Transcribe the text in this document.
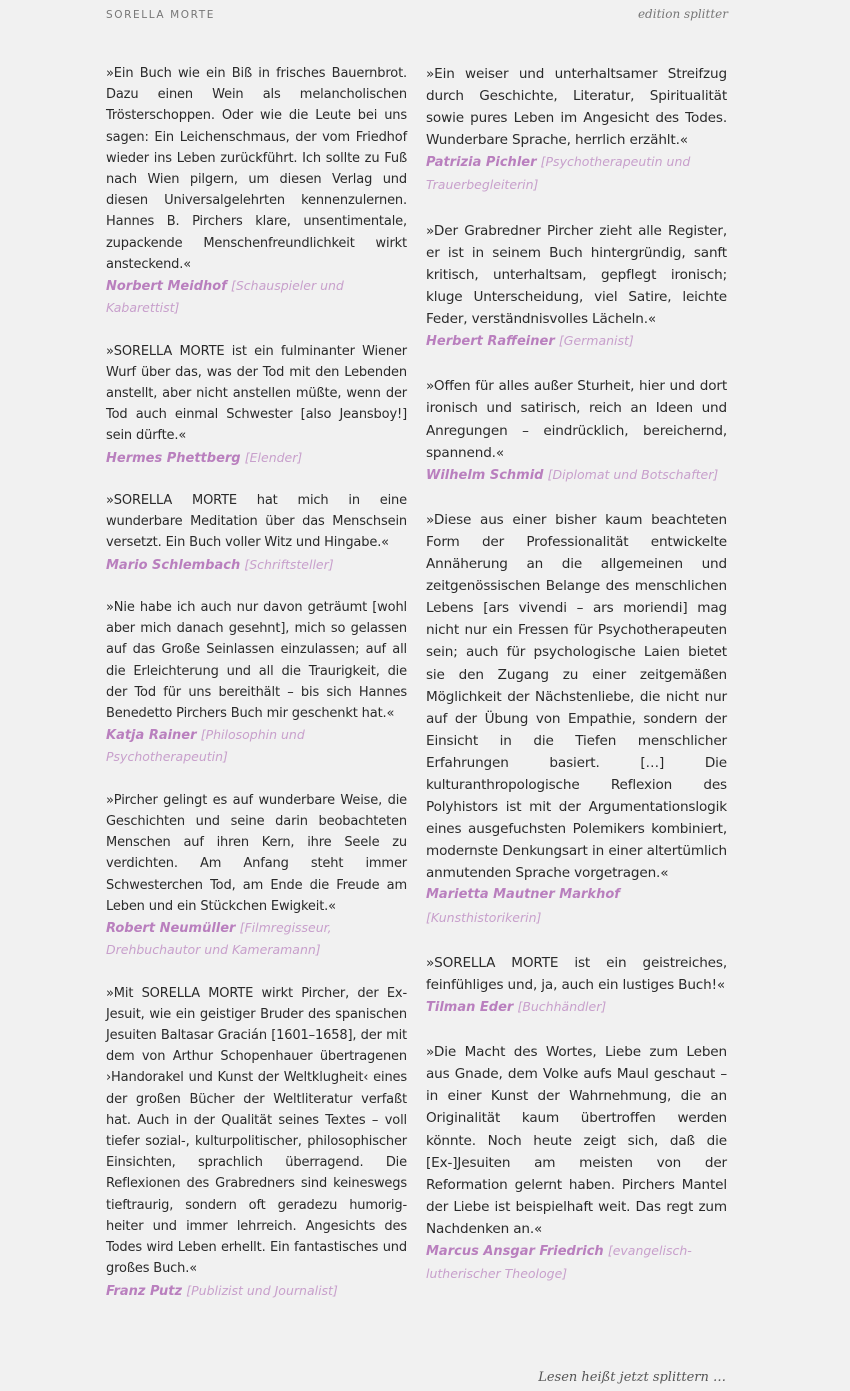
SORELLA MORTE	edition splitter
»Ein Buch wie ein Biß in frisches Bauernbrot. Dazu einen Wein als melancholischen Trösterschoppen. Oder wie die Leute bei uns sagen: Ein Leichenschmaus, der vom Friedhof wieder ins Leben zurückführt. Ich sollte zu Fuß nach Wien pilgern, um diesen Verlag und diesen Universalgelehrten kennenzulernen. Hannes B. Pirchers klare, unsentimentale, zupackende Menschenfreundlichkeit wirkt ansteckend.«
Norbert Meidhof [Schauspieler und Kabarettist]
»SORELLA MORTE ist ein fulminanter Wiener Wurf über das, was der Tod mit den Lebenden anstellt, aber nicht anstellen müßte, wenn der Tod auch einmal Schwester [also Jeansboy!] sein dürfte.«
Hermes Phettberg [Elender]
»SORELLA MORTE hat mich in eine wunderbare Meditation über das Menschsein versetzt. Ein Buch voller Witz und Hingabe.«
Mario Schlembach [Schriftsteller]
»Nie habe ich auch nur davon geträumt [wohl aber mich danach gesehnt], mich so gelassen auf das Große Seinlassen einzulassen; auf all die Erleichterung und all die Traurigkeit, die der Tod für uns bereithält – bis sich Hannes Benedetto Pirchers Buch mir geschenkt hat.«
Katja Rainer [Philosophin und Psychotherapeutin]
»Pircher gelingt es auf wunderbare Weise, die Geschichten und seine darin beobachteten Menschen auf ihren Kern, ihre Seele zu verdichten. Am Anfang steht immer Schwesterchen Tod, am Ende die Freude am Leben und ein Stückchen Ewigkeit.«
Robert Neumüller [Filmregisseur, Drehbuchautor und Kameramann]
»Mit SORELLA MORTE wirkt Pircher, der Ex-Jesuit, wie ein geistiger Bruder des spanischen Jesuiten Baltasar Gracián [1601–1658], der mit dem von Arthur Schopenhauer übertragenen ›Handorakel und Kunst der Weltklugheit‹ eines der großen Bücher der Weltliteratur verfaßt hat. Auch in der Qualität seines Textes – voll tiefer sozial-, kulturpolitischer, philosophischer Einsichten, sprachlich überragend. Die Reflexionen des Grabredners sind keineswegs tieftraurig, sondern oft geradezu humorig-heiter und immer lehrreich. Angesichts des Todes wird Leben erhellt. Ein fantastisches und großes Buch.«
Franz Putz [Publizist und Journalist]
»Ein weiser und unterhaltsamer Streifzug durch Geschichte, Literatur, Spiritualität sowie pures Leben im Angesicht des Todes. Wunderbare Sprache, herrlich erzählt.«
Patrizia Pichler [Psychotherapeutin und Trauerbegleiterin]
»Der Grabredner Pircher zieht alle Register, er ist in seinem Buch hintergründig, sanft kritisch, unterhaltsam, gepflegt ironisch; kluge Unterscheidung, viel Satire, leichte Feder, verständnisvolles Lächeln.«
Herbert Raffeiner [Germanist]
»Offen für alles außer Sturheit, hier und dort ironisch und satirisch, reich an Ideen und Anregungen – eindrücklich, bereichernd, spannend.«
Wilhelm Schmid [Diplomat und Botschafter]
»Diese aus einer bisher kaum beachteten Form der Professionalität entwickelte Annäherung an die allgemeinen und zeitgenössischen Belange des menschlichen Lebens [ars vivendi – ars moriendi] mag nicht nur ein Fressen für Psychotherapeuten sein; auch für psychologische Laien bietet sie den Zugang zu einer zeitgemäßen Möglichkeit der Nächstenliebe, die nicht nur auf der Übung von Empathie, sondern der Einsicht in die Tiefen menschlicher Erfahrungen basiert. […] Die kulturanthropologische Reflexion des Polyhistors ist mit der Argumentationslogik eines ausgefuchsten Polemikers kombiniert, modernste Denkungsart in einer altertümlich anmutenden Sprache vorgetragen.«
Marietta Mautner Markhof [Kunsthistorikerin]
»SORELLA MORTE ist ein geistreiches, feinfühliges und, ja, auch ein lustiges Buch!«
Tilman Eder [Buchhändler]
»Die Macht des Wortes, Liebe zum Leben aus Gnade, dem Volke aufs Maul geschaut – in einer Kunst der Wahrnehmung, die an Originalität kaum übertroffen werden könnte. Noch heute zeigt sich, daß die [Ex-]Jesuiten am meisten von der Reformation gelernt haben. Pirchers Mantel der Liebe ist beispielhaft weit. Das regt zum Nachdenken an.«
Marcus Ansgar Friedrich [evangelisch-lutherischer Theologe]
Lesen heißt jetzt splittern …
